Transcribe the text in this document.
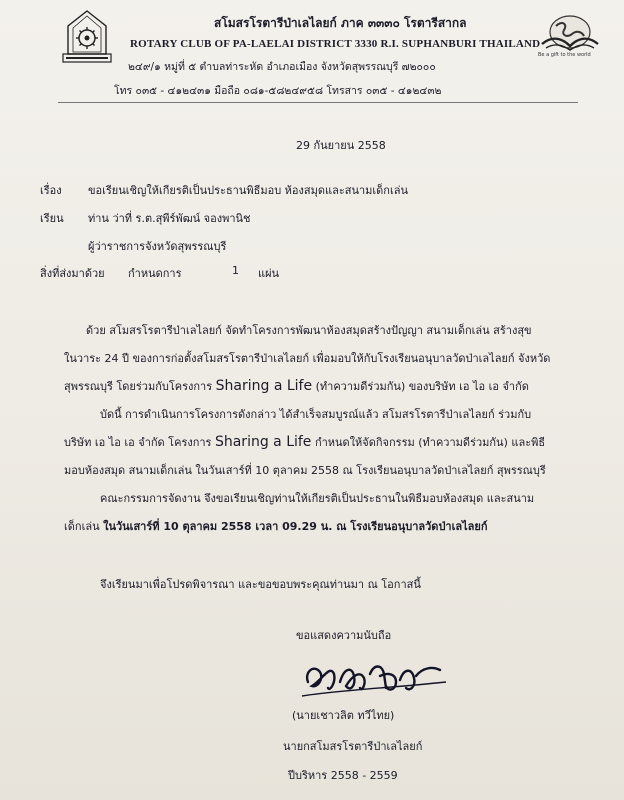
สโมสรโรตารีป่าเลไลยก์ ภาค ๓๓๓๐ โรตารีสากล
ROTARY CLUB OF PA-LAELAI DISTRICT 3330 R.I. SUPHANBURI THAILAND
๒๔๙/๑ หมู่ที่ ๕ ตำบลท่าระหัด อำเภอเมือง จังหวัดสุพรรณบุรี ๗๒๐๐๐
โทร ๐๓๕ - ๔๑๒๔๓๑ มือถือ ๐๘๑-๕๘๒๔๙๕๘ โทรสาร ๐๓๕ - ๔๑๒๔๓๒
Be a gift to the world
29 กันยายน 2558
เรื่อง ขอเรียนเชิญให้เกียรติเป็นประธานพิธีมอบ ห้องสมุดและสนามเด็กเล่น
เรียน ท่าน ว่าที่ ร.ต.สุพีร์พัฒน์ จองพานิช
ผู้ว่าราชการจังหวัดสุพรรณบุรี
สิ่งที่ส่งมาด้วย กำหนดการ	1 แผ่น
ด้วย สโมสรโรตารีป่าเลไลยก์ จัดทำโครงการพัฒนาห้องสมุดสร้างปัญญา สนามเด็กเล่น สร้างสุข
ในวาระ 24 ปี ของการก่อตั้งสโมสรโรตารีป่าเลไลยก์ เพื่อมอบให้กับโรงเรียนอนุบาลวัดป่าเลไลยก์ จังหวัด
สุพรรณบุรี โดยร่วมกับโครงการ Sharing a Life (ทำความดีร่วมกัน) ของบริษัท เอ ไอ เอ จำกัด
บัดนี้ การดำเนินการโครงการดังกล่าว ได้สำเร็จสมบูรณ์แล้ว สโมสรโรตารีป่าเลไลยก์ ร่วมกับ
บริษัท เอ ไอ เอ จำกัด โครงการ Sharing a Life กำหนดให้จัดกิจกรรม (ทำความดีร่วมกัน) และพิธี
มอบห้องสมุด สนามเด็กเล่น ในวันเสาร์ที่ 10 ตุลาคม 2558 ณ โรงเรียนอนุบาลวัดป่าเลไลยก์ สุพรรณบุรี
คณะกรรมการจัดงาน จึงขอเรียนเชิญท่านให้เกียรติเป็นประธานในพิธีมอบห้องสมุด และสนาม
เด็กเล่น ในวันเสาร์ที่ 10 ตุลาคม 2558 เวลา 09.29 น. ณ โรงเรียนอนุบาลวัดป่าเลไลยก์
จึงเรียนมาเพื่อโปรดพิจารณา และขอขอบพระคุณท่านมา ณ โอกาสนี้
ขอแสดงความนับถือ
(นายเชาวลิต ทวีไทย)
นายกสโมสรโรตารีป่าเลไลยก์
ปีบริหาร 2558 - 2559
